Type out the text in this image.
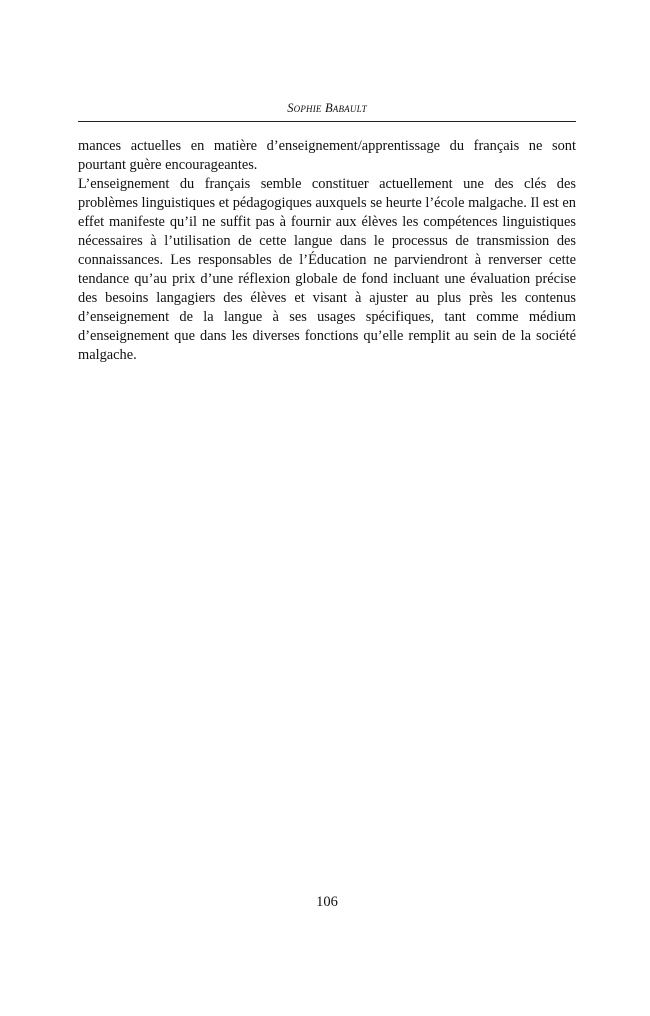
Sophie Babault

mances actuelles en matière d’enseignement/apprentissage du français ne sont pourtant guère encourageantes.

L’enseignement du français semble constituer actuellement une des clés des problèmes linguistiques et pédagogiques auxquels se heurte l’école malgache. Il est en effet manifeste qu’il ne suffit pas à fournir aux élèves les compétences linguistiques nécessaires à l’utilisation de cette langue dans le processus de transmission des connaissances. Les responsables de l’Éducation ne parviendront à renverser cette tendance qu’au prix d’une réflexion globale de fond incluant une évaluation précise des besoins langagiers des élèves et visant à ajuster au plus près les contenus d’enseignement de la langue à ses usages spécifiques, tant comme médium d’enseignement que dans les diverses fonctions qu’elle remplit au sein de la société malgache.

106
